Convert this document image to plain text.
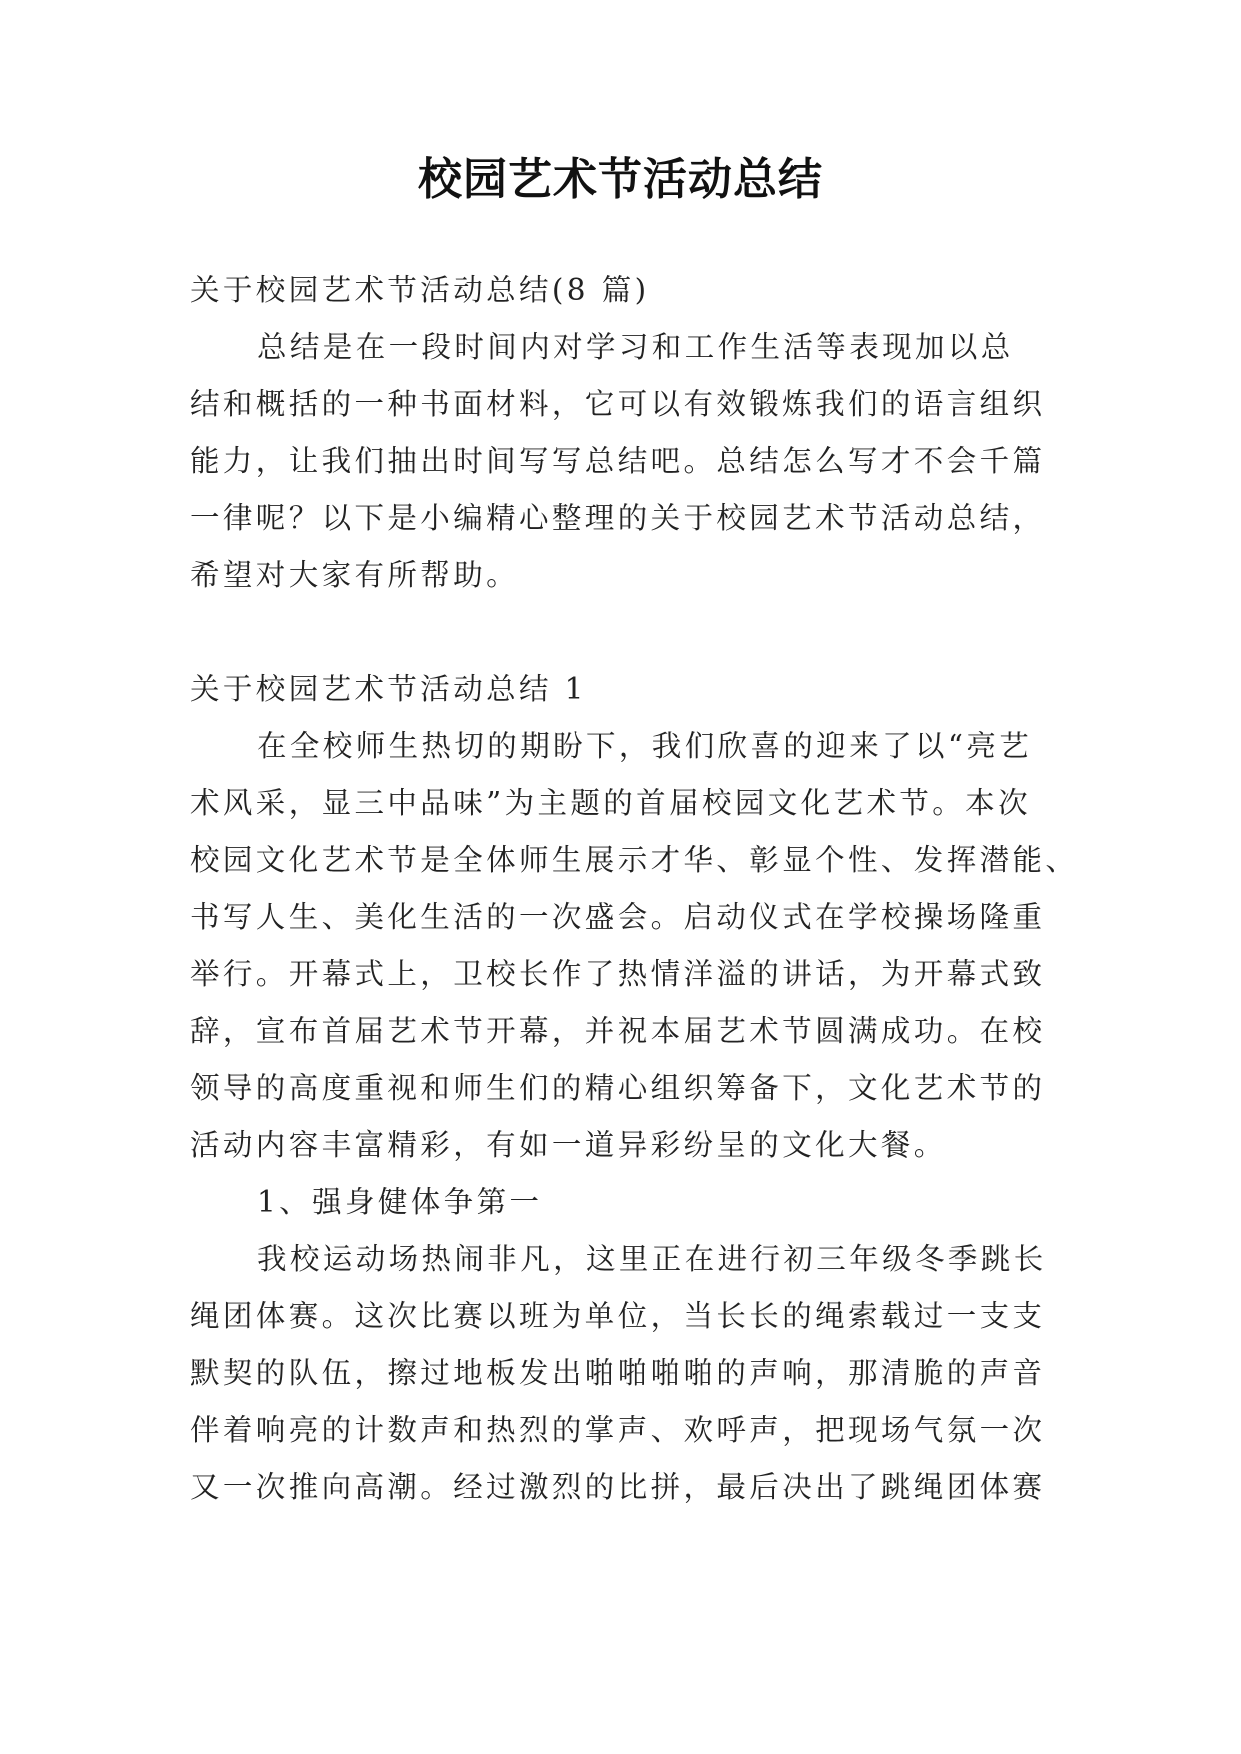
校园艺术节活动总结
关于校园艺术节活动总结(8 篇)
总结是在一段时间内对学习和工作生活等表现加以总
结和概括的一种书面材料，它可以有效锻炼我们的语言组织
能力，让我们抽出时间写写总结吧。总结怎么写才不会千篇
一律呢？以下是小编精心整理的关于校园艺术节活动总结，
希望对大家有所帮助。
关于校园艺术节活动总结 1
在全校师生热切的期盼下，我们欣喜的迎来了以“亮艺
术风采，显三中品味”为主题的首届校园文化艺术节。本次
校园文化艺术节是全体师生展示才华、彰显个性、发挥潜能、
书写人生、美化生活的一次盛会。启动仪式在学校操场隆重
举行。开幕式上，卫校长作了热情洋溢的讲话，为开幕式致
辞，宣布首届艺术节开幕，并祝本届艺术节圆满成功。在校
领导的高度重视和师生们的精心组织筹备下，文化艺术节的
活动内容丰富精彩，有如一道异彩纷呈的文化大餐。
1、强身健体争第一
我校运动场热闹非凡，这里正在进行初三年级冬季跳长
绳团体赛。这次比赛以班为单位，当长长的绳索载过一支支
默契的队伍，擦过地板发出啪啪啪啪的声响，那清脆的声音
伴着响亮的计数声和热烈的掌声、欢呼声，把现场气氛一次
又一次推向高潮。经过激烈的比拼，最后决出了跳绳团体赛
